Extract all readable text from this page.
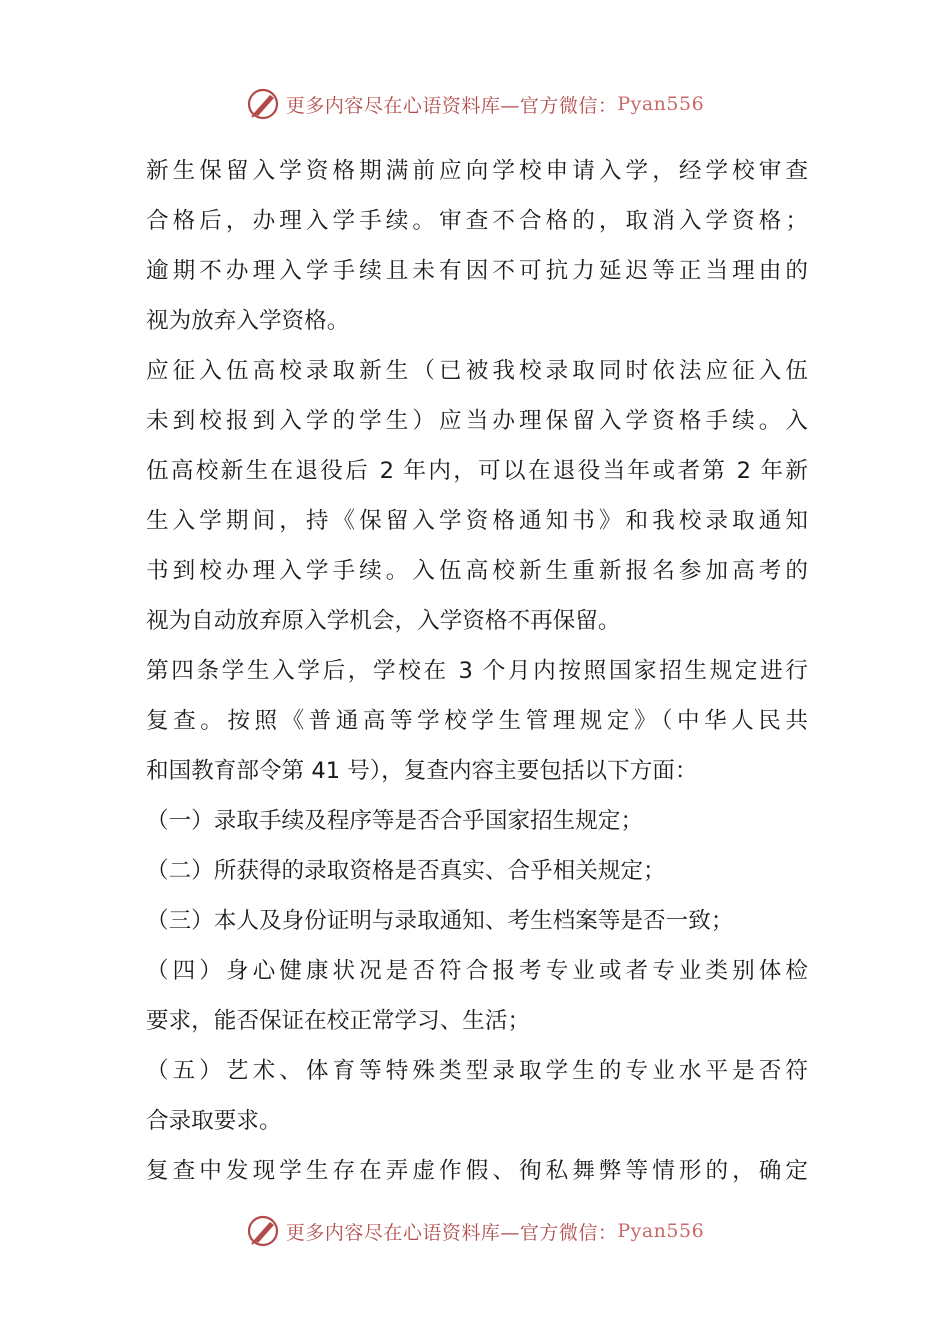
更多内容尽在心语资料库—官方微信： Pyan556
新生保留入学资格期满前应向学校申请入学，经学校审查
合格后，办理入学手续。审查不合格的，取消入学资格；
逾期不办理入学手续且未有因不可抗力延迟等正当理由的
视为放弃入学资格。
应征入伍高校录取新生（已被我校录取同时依法应征入伍
未到校报到入学的学生）应当办理保留入学资格手续。入
伍高校新生在退役后 2 年内，可以在退役当年或者第 2 年新
生入学期间，持《保留入学资格通知书》和我校录取通知
书到校办理入学手续。入伍高校新生重新报名参加高考的
视为自动放弃原入学机会，入学资格不再保留。
第四条学生入学后，学校在 3 个月内按照国家招生规定进行
复查。按照《普通高等学校学生管理规定》（中华人民共
和国教育部令第 41 号），复查内容主要包括以下方面：
（一）录取手续及程序等是否合乎国家招生规定；
（二）所获得的录取资格是否真实、合乎相关规定；
（三）本人及身份证明与录取通知、考生档案等是否一致；
（四）身心健康状况是否符合报考专业或者专业类别体检
要求，能否保证在校正常学习、生活；
（五）艺术、体育等特殊类型录取学生的专业水平是否符
合录取要求。
复查中发现学生存在弄虚作假、徇私舞弊等情形的，确定
更多内容尽在心语资料库—官方微信： Pyan556
